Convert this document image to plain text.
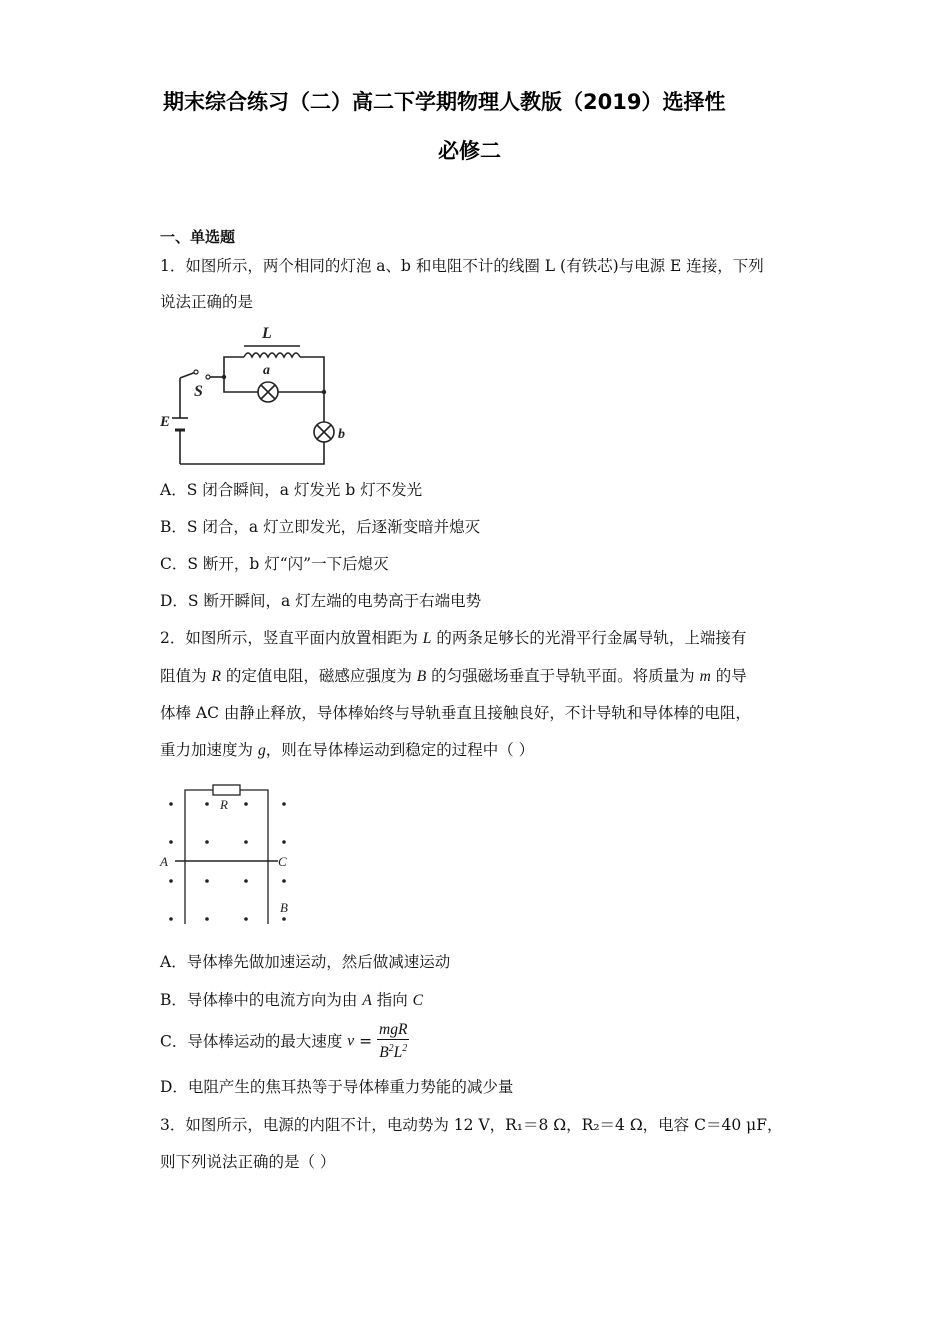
期末综合练习（二）高二下学期物理人教版（2019）选择性
必修二
一、单选题
1．如图所示，两个相同的灯泡 a、b 和电阻不计的线圈 L (有铁芯)与电源 E 连接，下列
说法正确的是
L
S
a
b
E
A．S 闭合瞬间，a 灯发光 b 灯不发光
B．S 闭合，a 灯立即发光，后逐渐变暗并熄灭
C．S 断开，b 灯“闪”一下后熄灭
D．S 断开瞬间，a 灯左端的电势高于右端电势
2．如图所示，竖直平面内放置相距为 L 的两条足够长的光滑平行金属导轨，上端接有
阻值为 R 的定值电阻，磁感应强度为 B 的匀强磁场垂直于导轨平面。将质量为 m 的导
体棒 AC 由静止释放，导体棒始终与导轨垂直且接触良好，不计导轨和导体棒的电阻，
重力加速度为 g，则在导体棒运动到稳定的过程中（ ）
R
A	C
B
A．导体棒先做加速运动，然后做减速运动
B．导体棒中的电流方向为由 A 指向 C
C．导体棒运动的最大速度 $v = \frac{\text{mgR}}{B^2L^2}$
D．电阻产生的焦耳热等于导体棒重力势能的减少量
3．如图所示，电源的内阻不计，电动势为 12 V，R₁＝8 Ω，R₂＝4 Ω，电容 C＝40 μF，
则下列说法正确的是（ ）
